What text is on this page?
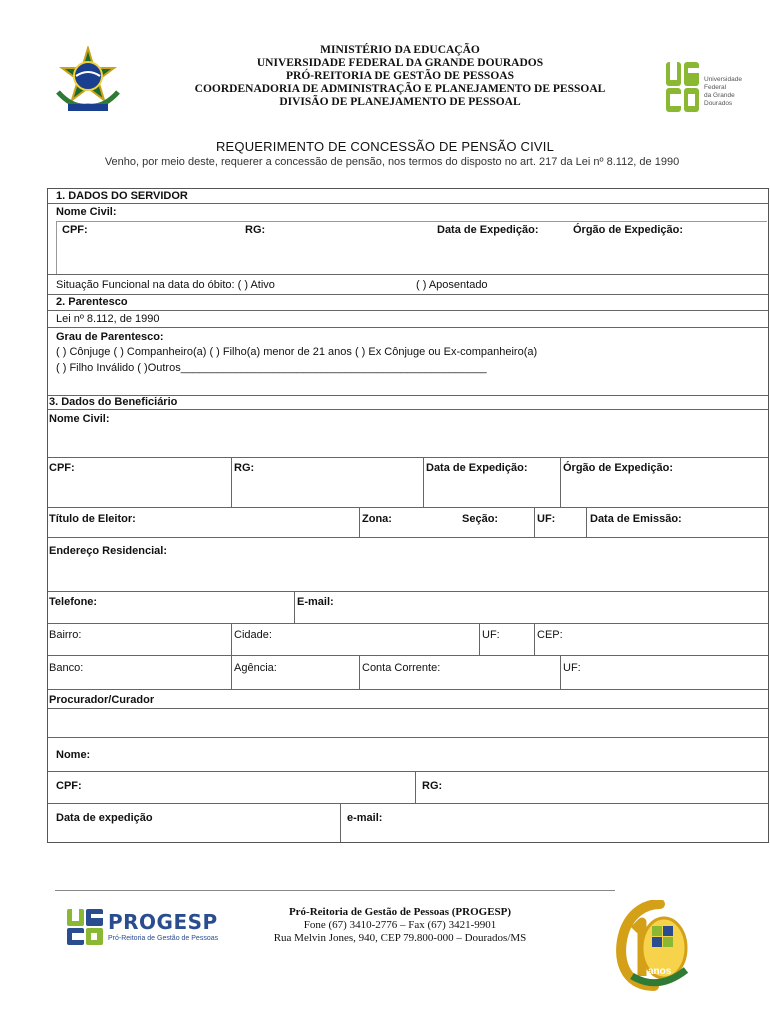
MINISTÉRIO DA EDUCAÇÃO
UNIVERSIDADE FEDERAL DA GRANDE DOURADOS
PRÓ-REITORIA DE GESTÃO DE PESSOAS
COORDENADORIA DE ADMINISTRAÇÃO E PLANEJAMENTO DE PESSOAL
DIVISÃO DE PLANEJAMENTO DE PESSOAL
Universidade
Federal
da Grande
Dourados
REQUERIMENTO DE CONCESSÃO DE PENSÃO CIVIL
Venho, por meio deste, requerer a concessão de pensão, nos termos do disposto no art. 217 da Lei nº 8.112, de 1990
1. DADOS DO SERVIDOR
Nome Civil:
CPF:	RG:	Data de Expedição:	Órgão de Expedição:
Situação Funcional na data do óbito: ( ) Ativo	( ) Aposentado
2. Parentesco
Lei nº 8.112, de 1990
Grau de Parentesco:
( ) Cônjuge ( ) Companheiro(a) ( ) Filho(a) menor de 21 anos ( ) Ex Cônjuge ou Ex-companheiro(a)
( ) Filho Inválido ( )Outros__________________________________________________
3. Dados do Beneficiário
Nome Civil:
CPF:	RG:	Data de Expedição:	Órgão de Expedição:
Título de Eleitor:	Zona:	Seção:	UF:	Data de Emissão:
Endereço Residencial:
Telefone:	E-mail:
Bairro:	Cidade:	UF:	CEP:
Banco:	Agência:	Conta Corrente:	UF:
Procurador/Curador
Nome:
CPF:	RG:
Data de expedição	e-mail:
PROGESP
Pró-Reitoria de Gestão de Pessoas
Pró-Reitoria de Gestão de Pessoas (PROGESP)
Fone (67) 3410-2776 – Fax (67) 3421-9901
Rua Melvin Jones, 940, CEP 79.800-000 – Dourados/MS
anos
